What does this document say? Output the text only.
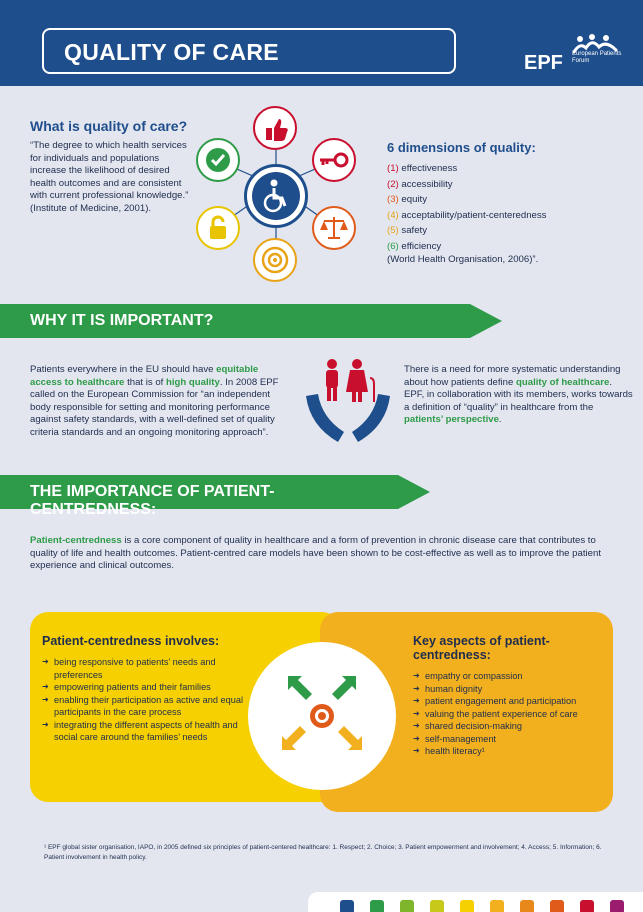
QUALITY OF CARE	EPF European Patients Forum
What is quality of care?
“The degree to which health services for individuals and populations increase the likelihood of desired health outcomes and are consistent with current professional knowledge.” (Institute of Medicine, 2001).
6 dimensions of quality:
(1) effectiveness
(2) accessibility
(3) equity
(4) acceptability/patient-centeredness
(5) safety
(6) efficiency
(World Health Organisation, 2006)”.
WHY IT IS IMPORTANT?
Patients everywhere in the EU should have equitable access to healthcare that is of high quality. In 2008 EPF called on the European Commission for “an independent body responsible for setting and monitoring performance against safety standards, with a well-defined set of quality criteria standards and an ongoing monitoring approach”.
There is a need for more systematic understanding about how patients define quality of healthcare. EPF, in collaboration with its members, works towards a definition of “quality” in healthcare from the patients’ perspective.
THE IMPORTANCE OF PATIENT-CENTREDNESS:
Patient-centredness is a core component of quality in healthcare and a form of prevention in chronic disease care that contributes to quality of life and health outcomes. Patient-centred care models have been shown to be cost-effective as well as to improve the patient experience and clinical outcomes.
Patient-centredness involves:
➜ being responsive to patients’ needs and preferences
➜ empowering patients and their families
➜ enabling their participation as active and equal participants in the care process
➜ integrating the different aspects of health and social care around the families’ needs
Key aspects of patient-centredness:
➜ empathy or compassion
➜ human dignity
➜ patient engagement and participation
➜ valuing the patient experience of care
➜ shared decision-making
➜ self-management
➜ health literacy¹
¹ EPF global sister organisation, IAPO, in 2005 defined six principles of patient-centered healthcare: 1. Respect; 2. Choice; 3. Patient empowerment and involvement; 4. Access; 5. Information; 6. Patient involvement in health policy.
